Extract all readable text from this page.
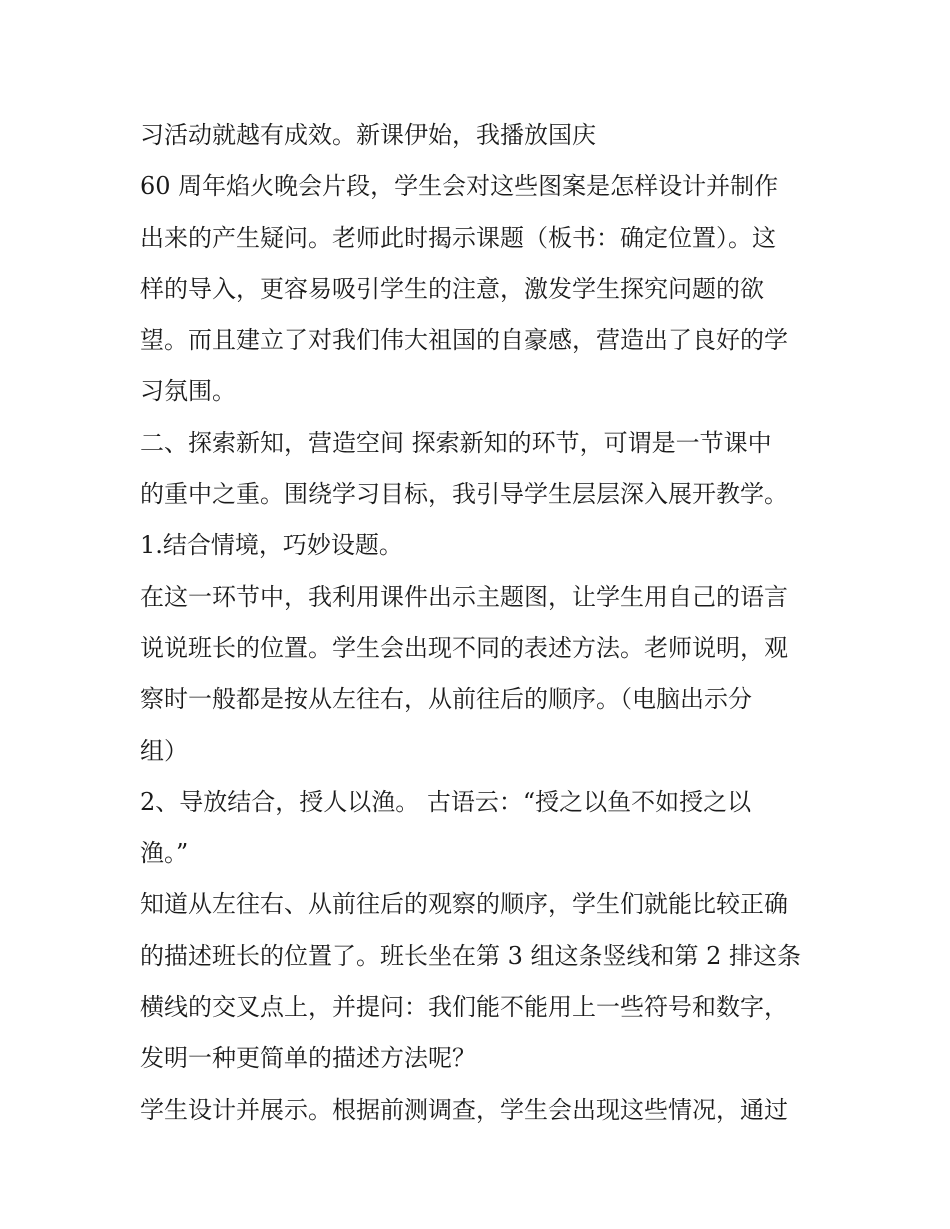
习活动就越有成效。新课伊始，我播放国庆
60 周年焰火晚会片段，学生会对这些图案是怎样设计并制作
出来的产生疑问。老师此时揭示课题（板书：确定位置）。这
样的导入，更容易吸引学生的注意，激发学生探究问题的欲
望。而且建立了对我们伟大祖国的自豪感，营造出了良好的学
习氛围。
二、探索新知，营造空间 探索新知的环节，可谓是一节课中
的重中之重。围绕学习目标，我引导学生层层深入展开教学。
1.结合情境，巧妙设题。
在这一环节中，我利用课件出示主题图，让学生用自己的语言
说说班长的位置。学生会出现不同的表述方法。老师说明，观
察时一般都是按从左往右，从前往后的顺序。（电脑出示分
组）
2、导放结合，授人以渔。 古语云：“授之以鱼不如授之以
渔。”
知道从左往右、从前往后的观察的顺序，学生们就能比较正确
的描述班长的位置了。班长坐在第 3 组这条竖线和第 2 排这条
横线的交叉点上，并提问：我们能不能用上一些符号和数字，
发明一种更简单的描述方法呢？
学生设计并展示。根据前测调查，学生会出现这些情况，通过
